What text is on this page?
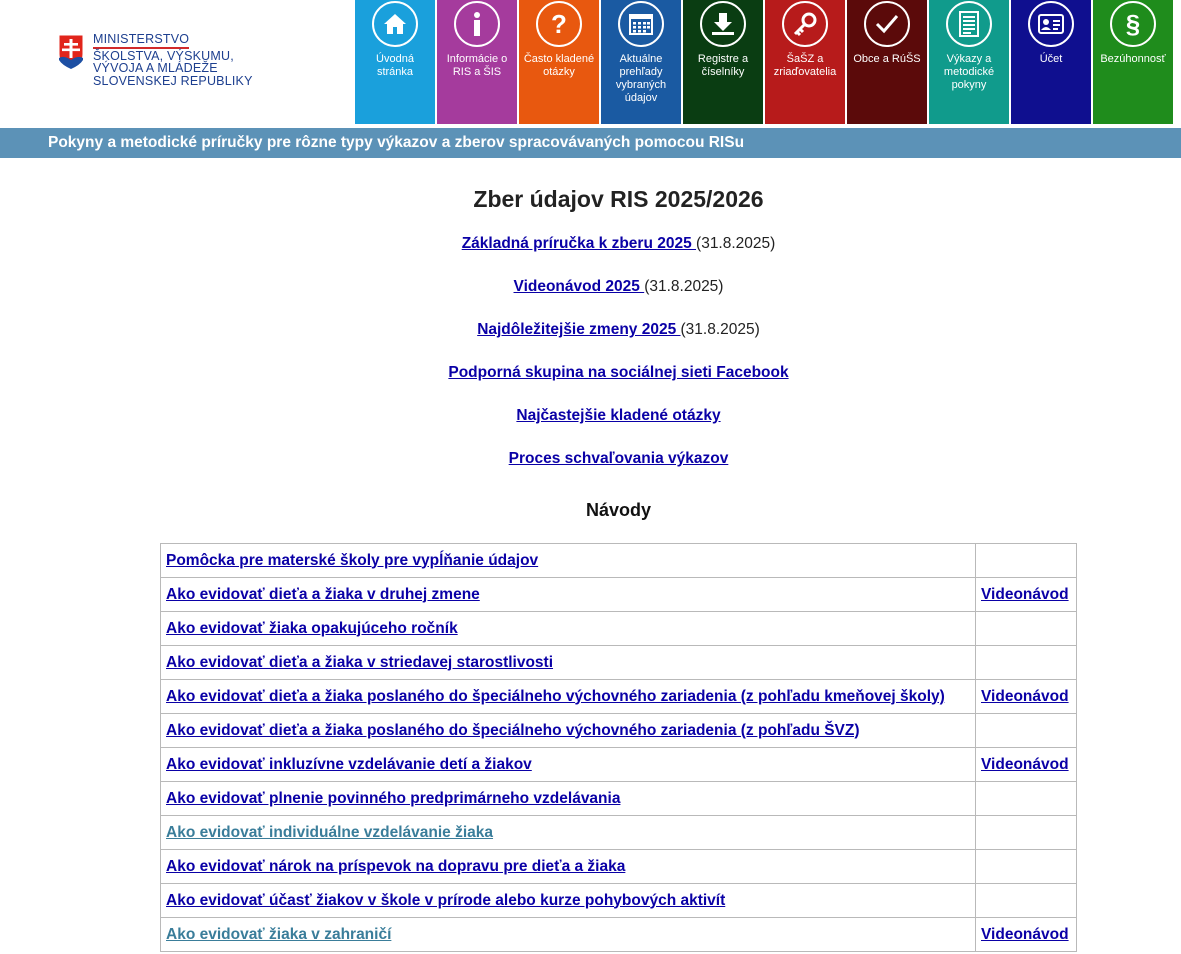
MINISTERSTVO
ŠKOLSTVA, VÝSKUMU,
VÝVOJA A MLÁDEŽE
SLOVENSKEJ REPUBLIKY
Úvodná stránka
Informácie o RIS a ŠIS
?
Často kladené otázky
Aktuálne prehľady vybraných údajov
Registre a číselníky
ŠaŠZ a zriaďovatelia
Obce a RúŠS	Výkazy a metodické pokyny
Účet
§
Bezúhonnosť
Pokyny a metodické príručky pre rôzne typy výkazov a zberov spracovávaných pomocou RISu
Zber údajov RIS 2025/2026

Základná príručka k zberu 2025 (31.8.2025)

Videonávod 2025 (31.8.2025)

Najdôležitejšie zmeny 2025 (31.8.2025)

Podporná skupina na sociálnej sieti Facebook

Najčastejšie kladené otázky

Proces schvaľovania výkazov

Návody
Pomôcka pre materské školy pre vypĺňanie údajov	
Ako evidovať dieťa a žiaka v druhej zmene	Videonávod
Ako evidovať žiaka opakujúceho ročník	
Ako evidovať dieťa a žiaka v striedavej starostlivosti	
Ako evidovať dieťa a žiaka poslaného do špeciálneho výchovného zariadenia (z pohľadu kmeňovej školy)	Videonávod
Ako evidovať dieťa a žiaka poslaného do špeciálneho výchovného zariadenia (z pohľadu ŠVZ)	
Ako evidovať inkluzívne vzdelávanie detí a žiakov	Videonávod
Ako evidovať plnenie povinného predprimárneho vzdelávania	
Ako evidovať individuálne vzdelávanie žiaka	
Ako evidovať nárok na príspevok na dopravu pre dieťa a žiaka	
Ako evidovať účasť žiakov v škole v prírode alebo kurze pohybových aktivít	
Ako evidovať žiaka v zahraničí	Videonávod
